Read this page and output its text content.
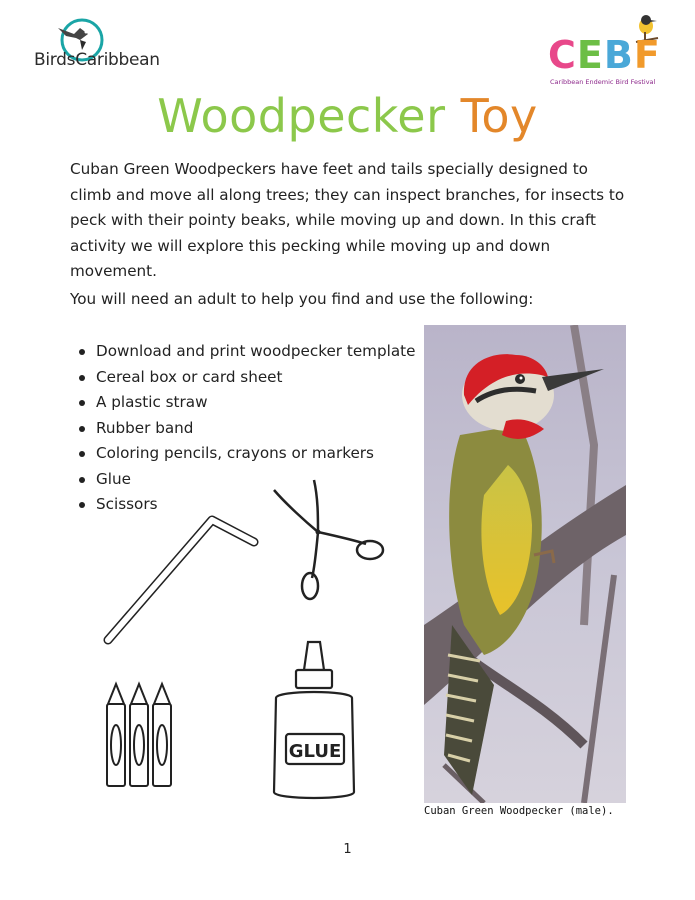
BirdsCaribbean	CEBF
Caribbean Endemic Bird Festival
Woodpecker Toy
Cuban Green Woodpeckers have feet and tails specially designed to climb and move all along trees; they can inspect branches, for insects to peck with their pointy beaks, while moving up and down. In this craft activity we will explore this pecking while moving up and down movement.
You will need an adult to help you find and use the following:
Download and print woodpecker template
Cereal box or card sheet
A plastic straw
Rubber band
Coloring pencils, crayons or markers
Glue
Scissors
GLUE
Cuban Green Woodpecker (male).
1
